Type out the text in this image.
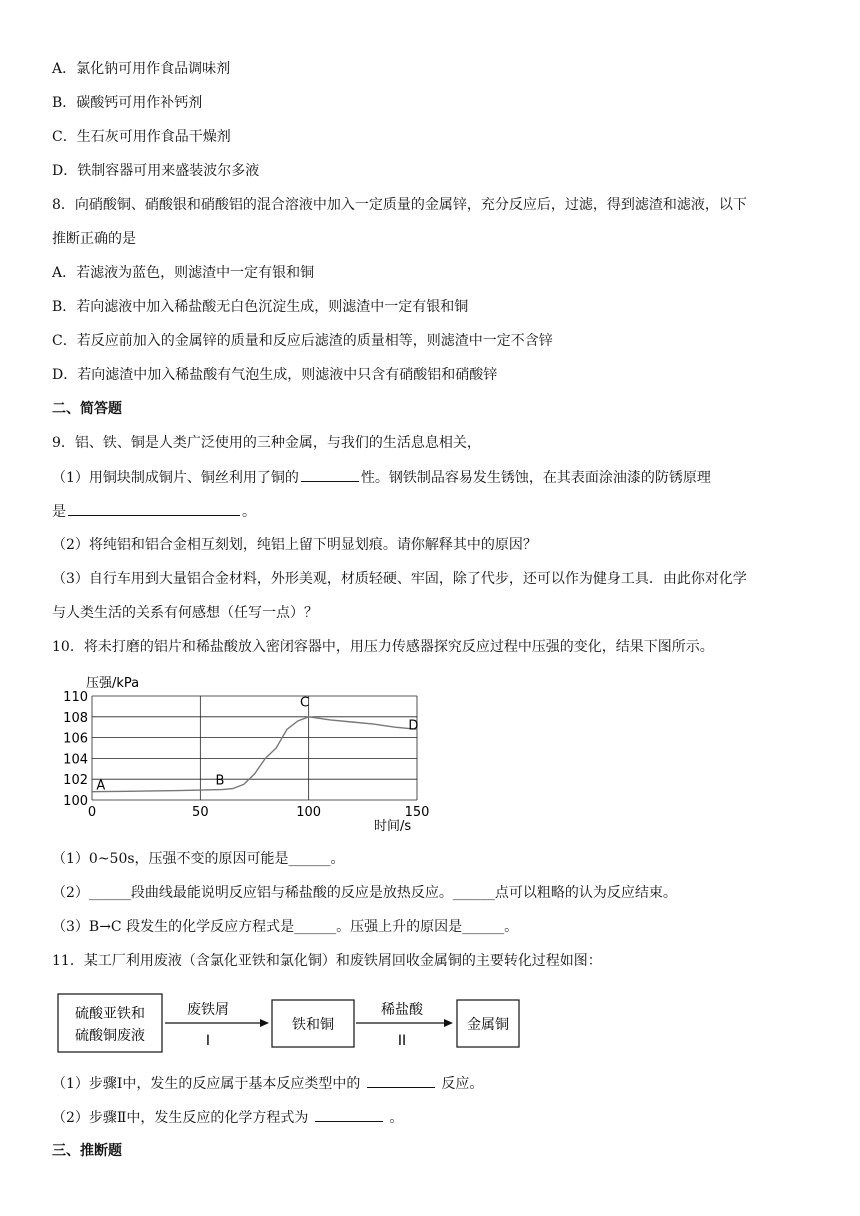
A．氯化钠可用作食品调味剂
B．碳酸钙可用作补钙剂
C．生石灰可用作食品干燥剂
D．铁制容器可用来盛装波尔多液
8．向硝酸铜、硝酸银和硝酸铝的混合溶液中加入一定质量的金属锌，充分反应后，过滤，得到滤渣和滤液，以下
推断正确的是
A．若滤液为蓝色，则滤渣中一定有银和铜
B．若向滤液中加入稀盐酸无白色沉淀生成，则滤渣中一定有银和铜
C．若反应前加入的金属锌的质量和反应后滤渣的质量相等，则滤渣中一定不含锌
D．若向滤渣中加入稀盐酸有气泡生成，则滤液中只含有硝酸铝和硝酸锌
二、简答题
9．铝、铁、铜是人类广泛使用的三种金属，与我们的生活息息相关，
（1）用铜块制成铜片、铜丝利用了铜的	性。钢铁制品容易发生锈蚀，在其表面涂油漆的防锈原理
是	。
（2）将纯铝和铝合金相互刻划，纯铝上留下明显划痕。请你解释其中的原因？
（3）自行车用到大量铝合金材料，外形美观，材质轻硬、牢固，除了代步，还可以作为健身工具．由此你对化学
与人类生活的关系有何感想（任写一点）？
10．将未打磨的铝片和稀盐酸放入密闭容器中，用压力传感器探究反应过程中压强的变化，结果下图所示。
压强/kPa
100
102
104
106
108
110
0	50	100	150
A	B
C
D
时间/s
（1）0~50s，压强不变的原因可能是______。
（2）______段曲线最能说明反应铝与稀盐酸的反应是放热反应。______点可以粗略的认为反应结束。
（3）B→C 段发生的化学反应方程式是______。压强上升的原因是______。
11．某工厂利用废液（含氯化亚铁和氯化铜）和废铁屑回收金属铜的主要转化过程如图：
硫酸亚铁和
硫酸铜废液
废铁屑
I
铁和铜
稀盐酸
II
金属铜
（1）步骤Ⅰ中，发生的反应属于基本反应类型中的	反应。
（2）步骤Ⅱ中，发生反应的化学方程式为	。
三、推断题
